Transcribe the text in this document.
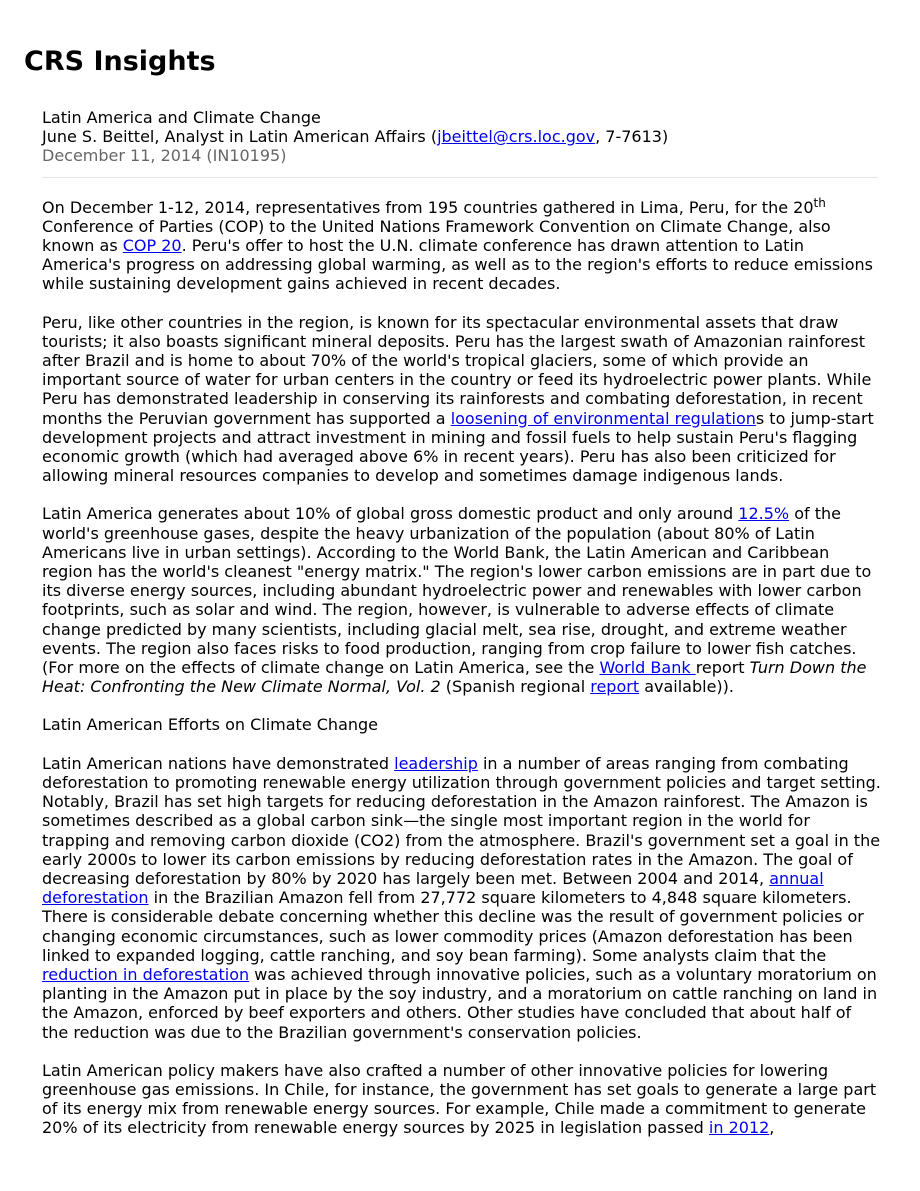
CRS Insights

Latin America and Climate Change

June S. Beittel, Analyst in Latin American Affairs (jbeittel@crs.loc.gov, 7-7613)

December 11, 2014 (IN10195)

On December 1-12, 2014, representatives from 195 countries gathered in Lima, Peru, for the 20th Conference of Parties (COP) to the United Nations Framework Convention on Climate Change, also known as COP 20. Peru's offer to host the U.N. climate conference has drawn attention to Latin America's progress on addressing global warming, as well as to the region's efforts to reduce emissions while sustaining development gains achieved in recent decades.

Peru, like other countries in the region, is known for its spectacular environmental assets that draw tourists; it also boasts significant mineral deposits. Peru has the largest swath of Amazonian rainforest after Brazil and is home to about 70% of the world's tropical glaciers, some of which provide an important source of water for urban centers in the country or feed its hydroelectric power plants. While Peru has demonstrated leadership in conserving its rainforests and combating deforestation, in recent months the Peruvian government has supported a loosening of environmental regulations to jump-start development projects and attract investment in mining and fossil fuels to help sustain Peru's flagging economic growth (which had averaged above 6% in recent years). Peru has also been criticized for allowing mineral resources companies to develop and sometimes damage indigenous lands.

Latin America generates about 10% of global gross domestic product and only around 12.5% of the world's greenhouse gases, despite the heavy urbanization of the population (about 80% of Latin Americans live in urban settings). According to the World Bank, the Latin American and Caribbean region has the world's cleanest "energy matrix." The region's lower carbon emissions are in part due to its diverse energy sources, including abundant hydroelectric power and renewables with lower carbon footprints, such as solar and wind. The region, however, is vulnerable to adverse effects of climate change predicted by many scientists, including glacial melt, sea rise, drought, and extreme weather events. The region also faces risks to food production, ranging from crop failure to lower fish catches. (For more on the effects of climate change on Latin America, see the World Bank report Turn Down the Heat: Confronting the New Climate Normal, Vol. 2 (Spanish regional report available)).

Latin American Efforts on Climate Change

Latin American nations have demonstrated leadership in a number of areas ranging from combating deforestation to promoting renewable energy utilization through government policies and target setting. Notably, Brazil has set high targets for reducing deforestation in the Amazon rainforest. The Amazon is sometimes described as a global carbon sink—the single most important region in the world for trapping and removing carbon dioxide (CO2) from the atmosphere. Brazil's government set a goal in the early 2000s to lower its carbon emissions by reducing deforestation rates in the Amazon. The goal of decreasing deforestation by 80% by 2020 has largely been met. Between 2004 and 2014, annual deforestation in the Brazilian Amazon fell from 27,772 square kilometers to 4,848 square kilometers. There is considerable debate concerning whether this decline was the result of government policies or changing economic circumstances, such as lower commodity prices (Amazon deforestation has been linked to expanded logging, cattle ranching, and soy bean farming). Some analysts claim that the reduction in deforestation was achieved through innovative policies, such as a voluntary moratorium on planting in the Amazon put in place by the soy industry, and a moratorium on cattle ranching on land in the Amazon, enforced by beef exporters and others. Other studies have concluded that about half of the reduction was due to the Brazilian government's conservation policies.

Latin American policy makers have also crafted a number of other innovative policies for lowering greenhouse gas emissions. In Chile, for instance, the government has set goals to generate a large part of its energy mix from renewable energy sources. For example, Chile made a commitment to generate 20% of its electricity from renewable energy sources by 2025 in legislation passed in 2012,
